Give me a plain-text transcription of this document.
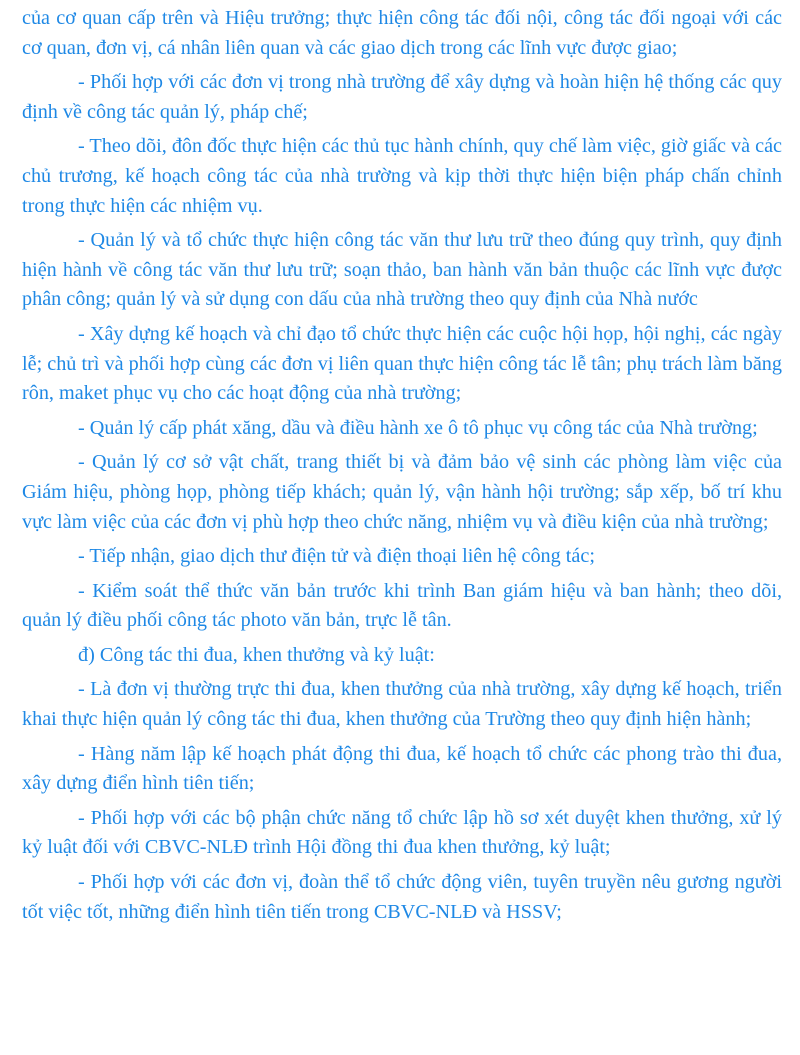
của cơ quan cấp trên và Hiệu trưởng; thực hiện công tác đối nội, công tác đối ngoại với các cơ quan, đơn vị, cá nhân liên quan và các giao dịch trong các lĩnh vực được giao;

- Phối hợp với các đơn vị trong nhà trường để xây dựng và hoàn hiện hệ thống các quy định về công tác quản lý, pháp chế;

- Theo dõi, đôn đốc thực hiện các thủ tục hành chính, quy chế làm việc, giờ giấc và các chủ trương, kế hoạch công tác của nhà trường và kịp thời thực hiện biện pháp chấn chỉnh trong thực hiện các nhiệm vụ.

- Quản lý và tổ chức thực hiện công tác văn thư lưu trữ theo đúng quy trình, quy định hiện hành về công tác văn thư lưu trữ; soạn thảo, ban hành văn bản thuộc các lĩnh vực được phân công; quản lý và sử dụng con dấu của nhà trường theo quy định của Nhà nước

- Xây dựng kế hoạch và chỉ đạo tổ chức thực hiện các cuộc hội họp, hội nghị, các ngày lễ; chủ trì và phối hợp cùng các đơn vị liên quan thực hiện công tác lễ tân; phụ trách làm băng rôn, maket phục vụ cho các hoạt động của nhà trường;

- Quản lý cấp phát xăng, dầu và điều hành xe ô tô phục vụ công tác của Nhà trường;

- Quản lý cơ sở vật chất, trang thiết bị và đảm bảo vệ sinh các phòng làm việc của Giám hiệu, phòng họp, phòng tiếp khách; quản lý, vận hành hội trường; sắp xếp, bố trí khu vực làm việc của các đơn vị phù hợp theo chức năng, nhiệm vụ và điều kiện của nhà trường;

- Tiếp nhận, giao dịch thư điện tử và điện thoại liên hệ công tác;

- Kiểm soát thể thức văn bản trước khi trình Ban giám hiệu và ban hành; theo dõi, quản lý điều phối công tác photo văn bản, trực lễ tân.

đ) Công tác thi đua, khen thưởng và kỷ luật:

- Là đơn vị thường trực thi đua, khen thưởng của nhà trường, xây dựng kế hoạch, triển khai thực hiện quản lý công tác thi đua, khen thưởng của Trường theo quy định hiện hành;

- Hàng năm lập kế hoạch phát động thi đua, kế hoạch tổ chức các phong trào thi đua, xây dựng điển hình tiên tiến;

- Phối hợp với các bộ phận chức năng tổ chức lập hồ sơ xét duyệt khen thưởng, xử lý kỷ luật đối với CBVC-NLĐ trình Hội đồng thi đua khen thưởng, kỷ luật;

- Phối hợp với các đơn vị, đoàn thể tổ chức động viên, tuyên truyền nêu gương người tốt việc tốt, những điển hình tiên tiến trong CBVC-NLĐ và HSSV;
